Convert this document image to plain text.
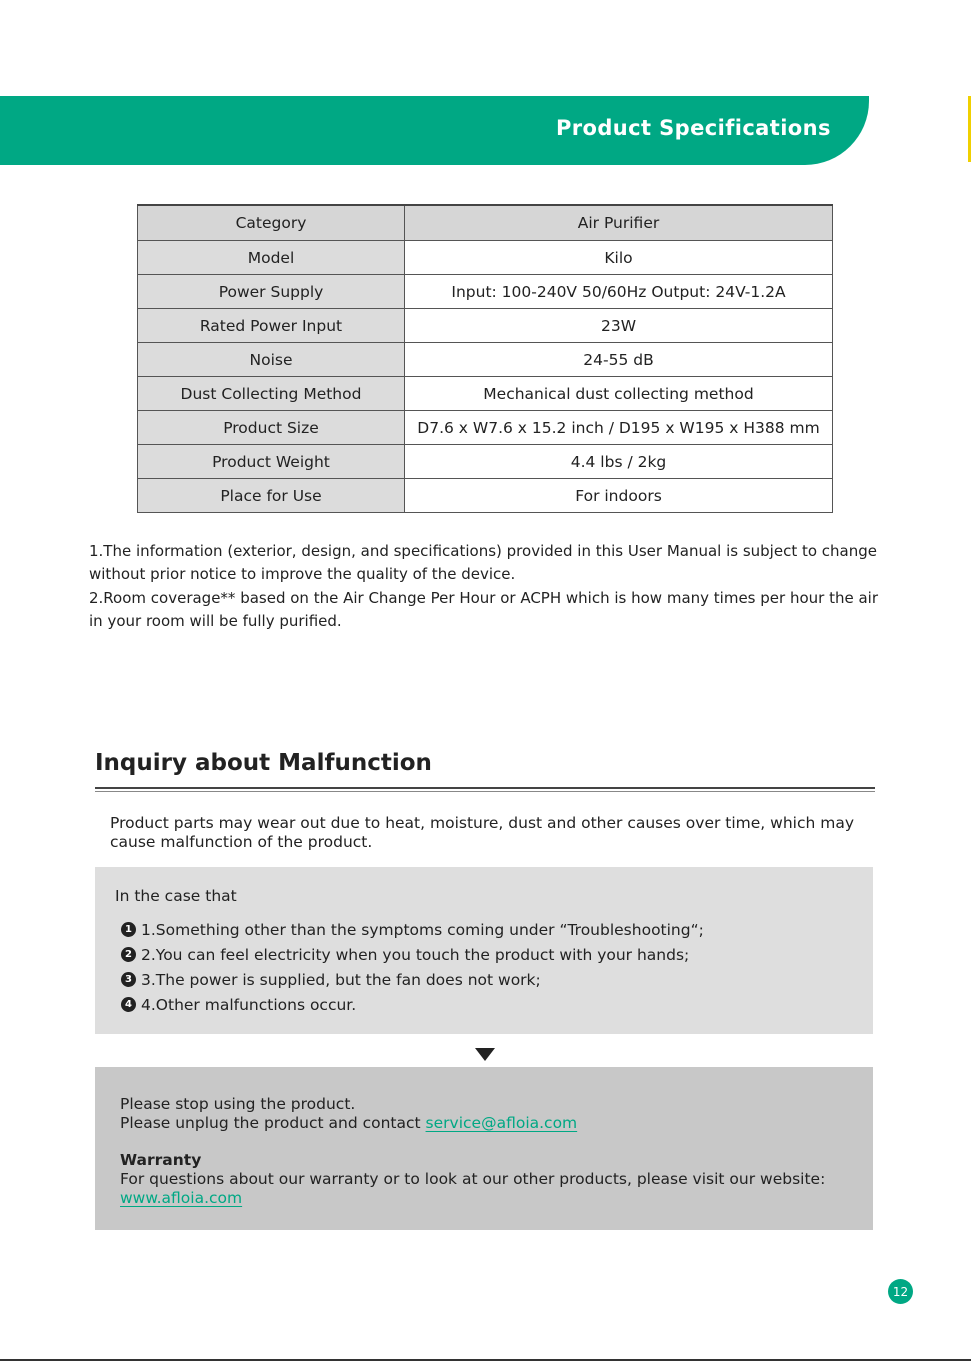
Product Specifications
Category	Air Purifier
Model	Kilo
Power Supply	Input: 100-240V 50/60Hz Output: 24V-1.2A
Rated Power Input	23W
Noise	24-55 dB
Dust Collecting Method	Mechanical dust collecting method
Product Size	D7.6 x W7.6 x 15.2 inch / D195 x W195 x H388 mm
Product Weight	4.4 lbs / 2kg
Place for Use	For indoors

1.The information (exterior, design, and specifications) provided in this User Manual is subject to change without prior notice to improve the quality of the device.

2.Room coverage** based on the Air Change Per Hour or ACPH which is how many times per hour the air in your room will be fully purified.

Inquiry about Malfunction
Product parts may wear out due to heat, moisture, dust and other causes over time, which may cause malfunction of the product.
In the case that
1 1.Something other than the symptoms coming under “Troubleshooting“;
2 2.You can feel electricity when you touch the product with your hands;
3 3.The power is supplied, but the fan does not work;
4 4.Other malfunctions occur.
Please stop using the product.
Please unplug the product and contact service@afloia.com
Warranty
For questions about our warranty or to look at our other products, please visit our website:
www.afloia.com
12
